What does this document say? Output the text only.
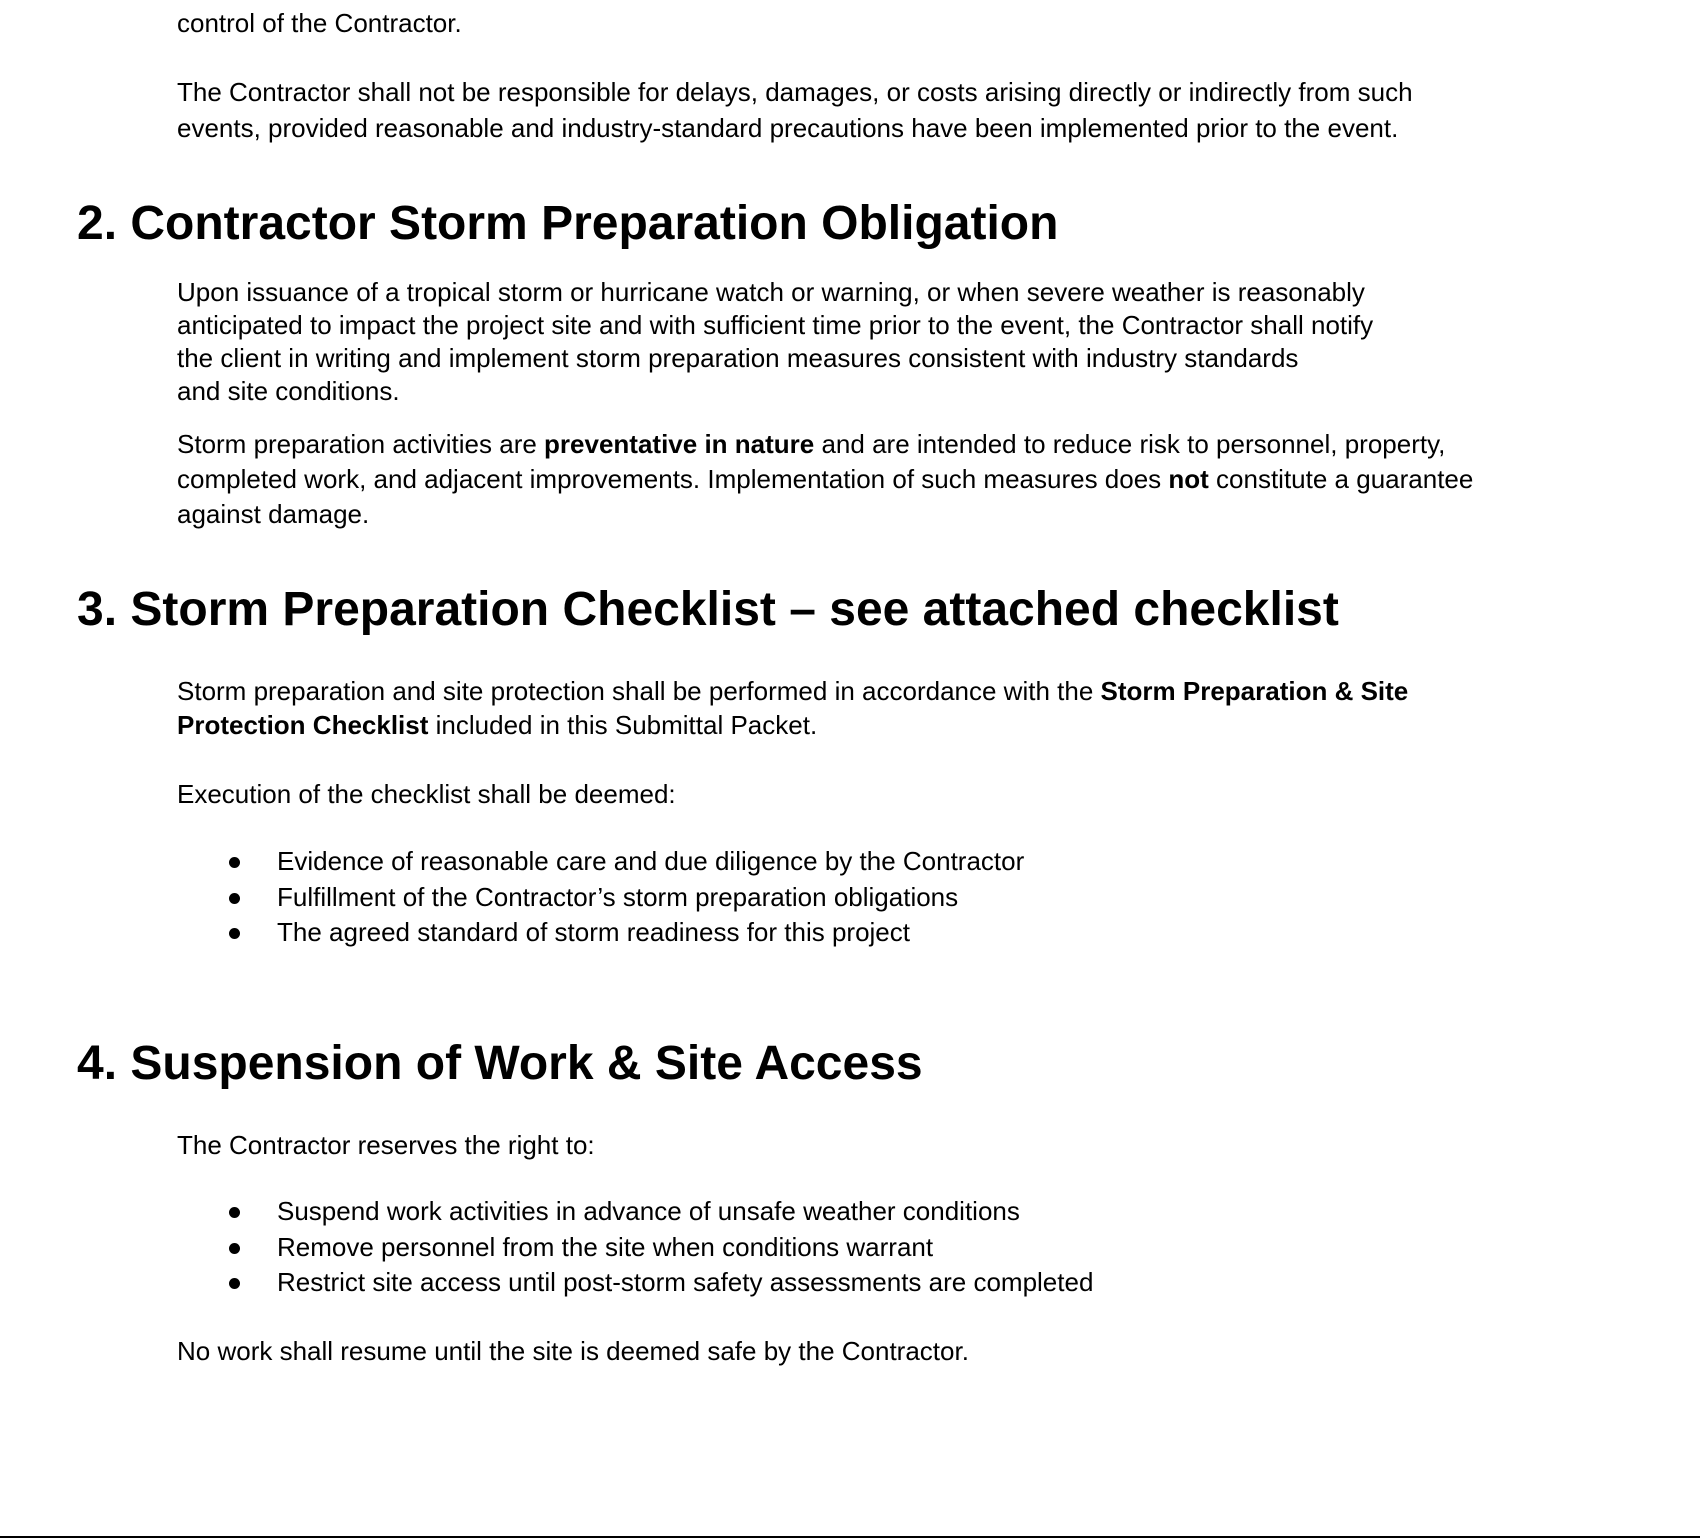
control of the Contractor.

The Contractor shall not be responsible for delays, damages, or costs arising directly or indirectly from such

events, provided reasonable and industry-standard precautions have been implemented prior to the event.

2. Contractor Storm Preparation Obligation

Upon issuance of a tropical storm or hurricane watch or warning, or when severe weather is reasonably

anticipated to impact the project site and with sufficient time prior to the event, the Contractor shall notify

the client in writing and implement storm preparation measures consistent with industry standards

and site conditions.

Storm preparation activities are preventative in nature and are intended to reduce risk to personnel, property,

completed work, and adjacent improvements. Implementation of such measures does not constitute a guarantee

against damage.

3. Storm Preparation Checklist – see attached checklist

Storm preparation and site protection shall be performed in accordance with the Storm Preparation & Site

Protection Checklist included in this Submittal Packet.

Execution of the checklist shall be deemed:

Evidence of reasonable care and due diligence by the Contractor
Fulfillment of the Contractor’s storm preparation obligations
The agreed standard of storm readiness for this project
4. Suspension of Work & Site Access

The Contractor reserves the right to:

Suspend work activities in advance of unsafe weather conditions
Remove personnel from the site when conditions warrant
Restrict site access until post-storm safety assessments are completed

No work shall resume until the site is deemed safe by the Contractor.
